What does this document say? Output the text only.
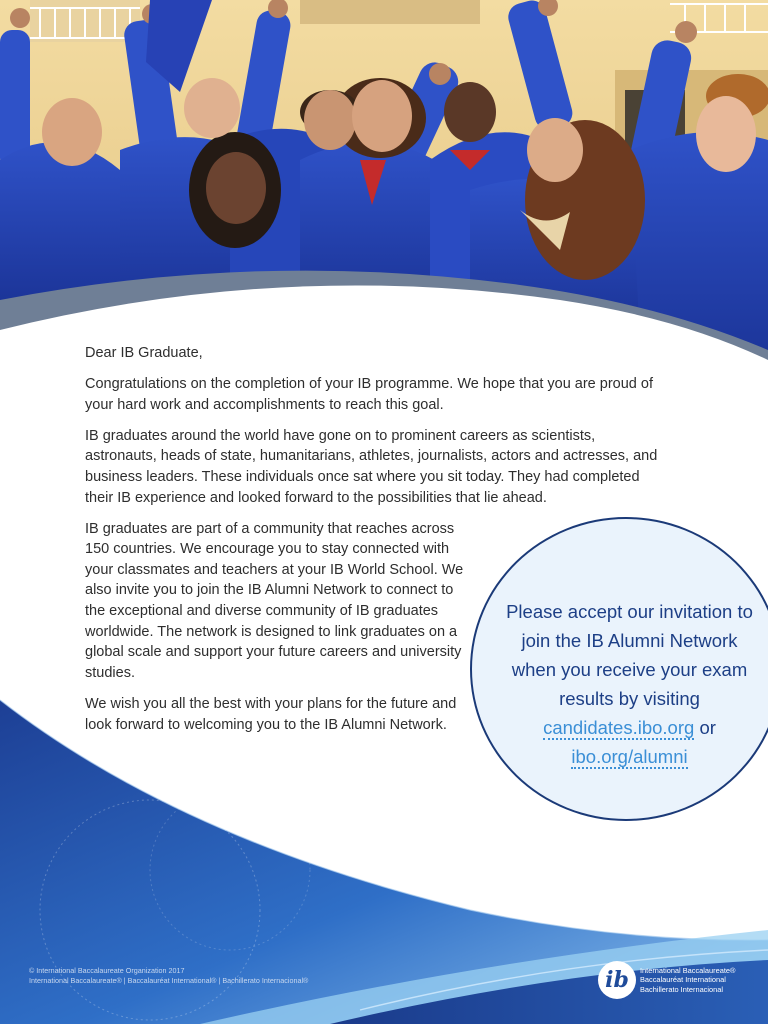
Dear IB Graduate,

Congratulations on the completion of your IB programme. We hope that you are proud of your hard work and accomplishments to reach this goal.

IB graduates around the world have gone on to prominent careers as scientists, astronauts, heads of state, humanitarians, athletes, journalists, actors and actresses, and business leaders. These individuals once sat where you sit today. They had completed their IB experience and looked forward to the possibilities that lie ahead.

IB graduates are part of a community that reaches across 150 countries. We encourage you to stay connected with your classmates and teachers at your IB World School. We also invite you to join the IB Alumni Network to connect to the exceptional and diverse community of IB graduates worldwide. The network is designed to link graduates on a global scale and support your future careers and university studies.

We wish you all the best with your plans for the future and look forward to welcoming you to the IB Alumni Network.

Please accept our invitation to join the IB Alumni Network when you receive your exam results by visiting candidates.ibo.org or
ibo.org/alumni
© International Baccalaureate Organization 2017
International Baccalaureate® | Baccalauréat International® | Bachillerato Internacional®	ib	International Baccalaureate®
Baccalauréat International
Bachillerato Internacional
